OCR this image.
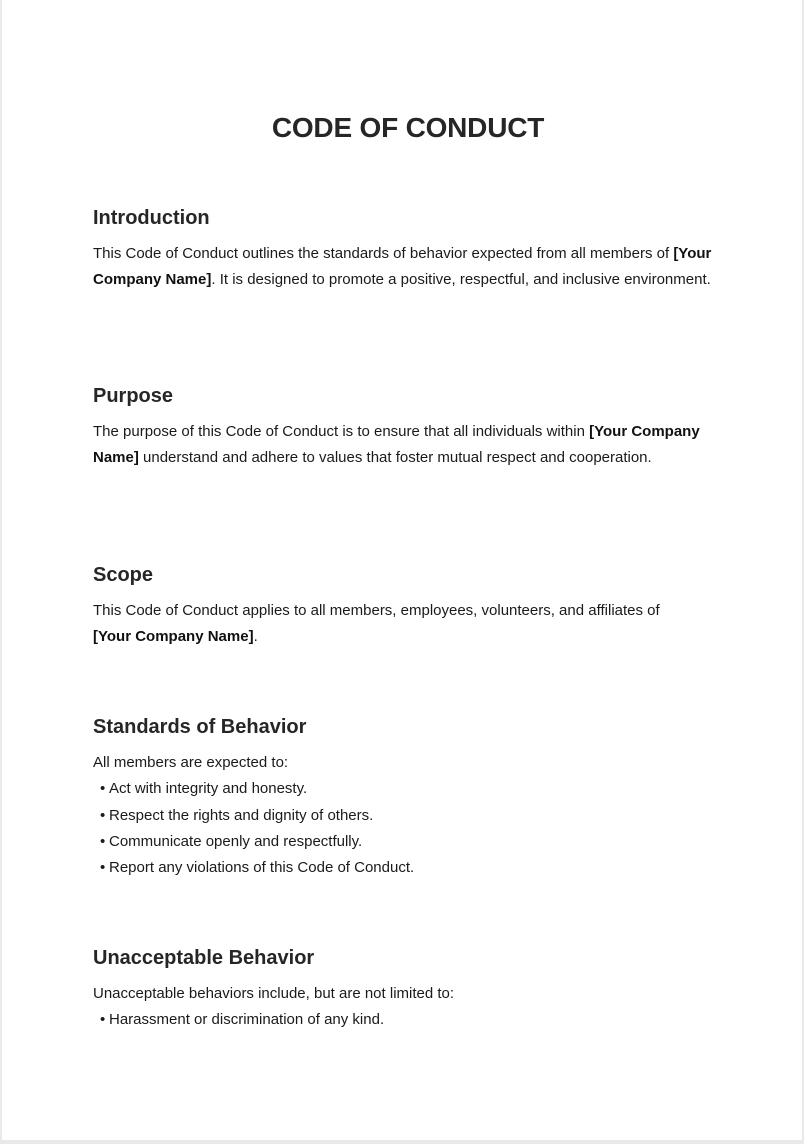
CODE OF CONDUCT
Introduction

This Code of Conduct outlines the standards of behavior expected from all members of [Your Company Name]. It is designed to promote a positive, respectful, and inclusive environment.

Purpose

The purpose of this Code of Conduct is to ensure that all individuals within [Your Company Name] understand and adhere to values that foster mutual respect and cooperation.

Scope

This Code of Conduct applies to all members, employees, volunteers, and affiliates of
[Your Company Name].

Standards of Behavior

All members are expected to:

• Act with integrity and honesty.
• Respect the rights and dignity of others.
• Communicate openly and respectfully.
• Report any violations of this Code of Conduct.
Unacceptable Behavior

Unacceptable behaviors include, but are not limited to:

• Harassment or discrimination of any kind.
